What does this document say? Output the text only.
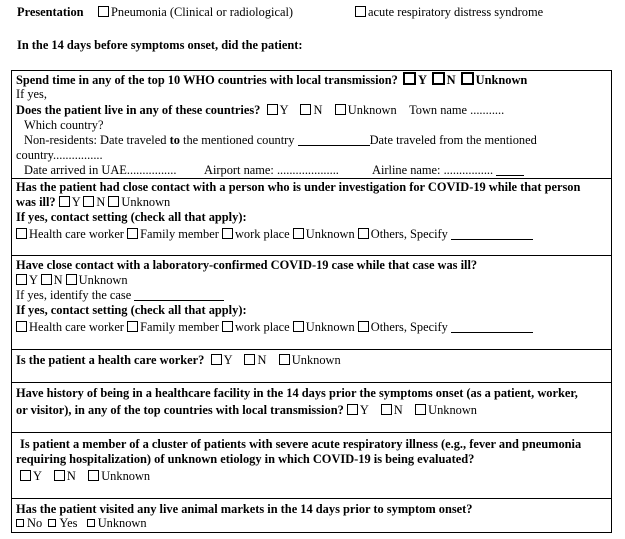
Presentation	Pneumonia (Clinical or radiological)	acute respiratory distress syndrome
In the 14 days before symptoms onset, did the patient:
Spend time in any of the top 10 WHO countries with local transmission? Y N Unknown
If yes,
Does the patient live in any of these countries? Y N Unknown Town name ...........
Which country?
Non-residents: Date traveled to the mentioned country	Date traveled from the mentioned
country................
Date arrived in UAE................ Airport name: ....................	Airline name: ................
Has the patient had close contact with a person who is under investigation for COVID-19 while that person
was ill? Y N Unknown
If yes, contact setting (check all that apply):
Health care worker Family member work place Unknown Others, Specify
Have close contact with a laboratory-confirmed COVID-19 case while that case was ill?
Y N Unknown
If yes, identify the case
If yes, contact setting (check all that apply):
Health care worker Family member work place Unknown Others, Specify
Is the patient a health care worker? Y N Unknown
Have history of being in a healthcare facility in the 14 days prior the symptoms onset (as a patient, worker,
or visitor), in any of the top countries with local transmission? Y N Unknown
Is patient a member of a cluster of patients with severe acute respiratory illness (e.g., fever and pneumonia
requiring hospitalization) of unknown etiology in which COVID-19 is being evaluated?
Y N Unknown
Has the patient visited any live animal markets in the 14 days prior to symptom onset?
No Yes Unknown
